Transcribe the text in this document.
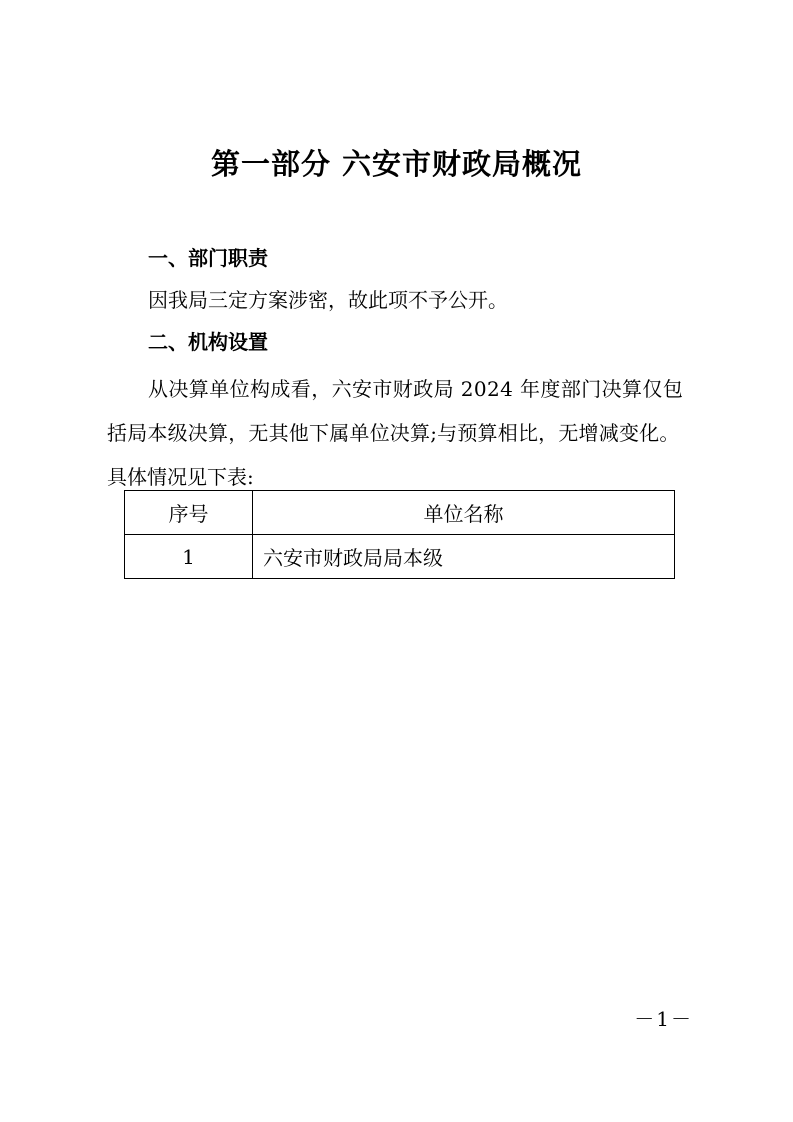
第一部分 六安市财政局概况
一、部门职责
因我局三定方案涉密，故此项不予公开。
二、机构设置
从决算单位构成看，六安市财政局 2024 年度部门决算仅包
括局本级决算，无其他下属单位决算;与预算相比，无增减变化。
具体情况见下表:
序号	单位名称
1	六安市财政局局本级
－1－
